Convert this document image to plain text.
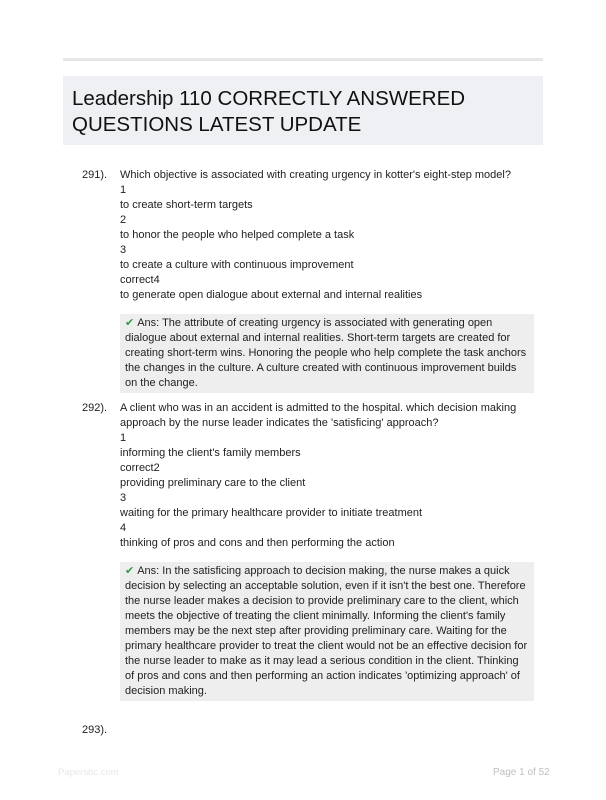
Leadership 110 CORRECTLY ANSWERED QUESTIONS LATEST UPDATE
291). Which objective is associated with creating urgency in kotter's eight-step model?

1

to create short-term targets

2

to honor the people who helped complete a task

3

to create a culture with continuous improvement

correct4

to generate open dialogue about external and internal realities

✔ Ans: The attribute of creating urgency is associated with generating open dialogue about external and internal realities. Short-term targets are created for creating short-term wins. Honoring the people who help complete the task anchors the changes in the culture. A culture created with continuous improvement builds on the change.
292). A client who was in an accident is admitted to the hospital. which decision making approach by the nurse leader indicates the 'satisficing' approach?

1

informing the client's family members

correct2

providing preliminary care to the client

3

waiting for the primary healthcare provider to initiate treatment

4

thinking of pros and cons and then performing the action

✔ Ans: In the satisficing approach to decision making, the nurse makes a quick decision by selecting an acceptable solution, even if it isn't the best one. Therefore the nurse leader makes a decision to provide preliminary care to the client, which meets the objective of treating the client minimally. Informing the client's family members may be the next step after providing preliminary care. Waiting for the primary healthcare provider to treat the client would not be an effective decision for the nurse leader to make as it may lead a serious condition in the client. Thinking of pros and cons and then performing an action indicates 'optimizing approach' of decision making.
293).
Papersbc.com	Page 1 of 52
